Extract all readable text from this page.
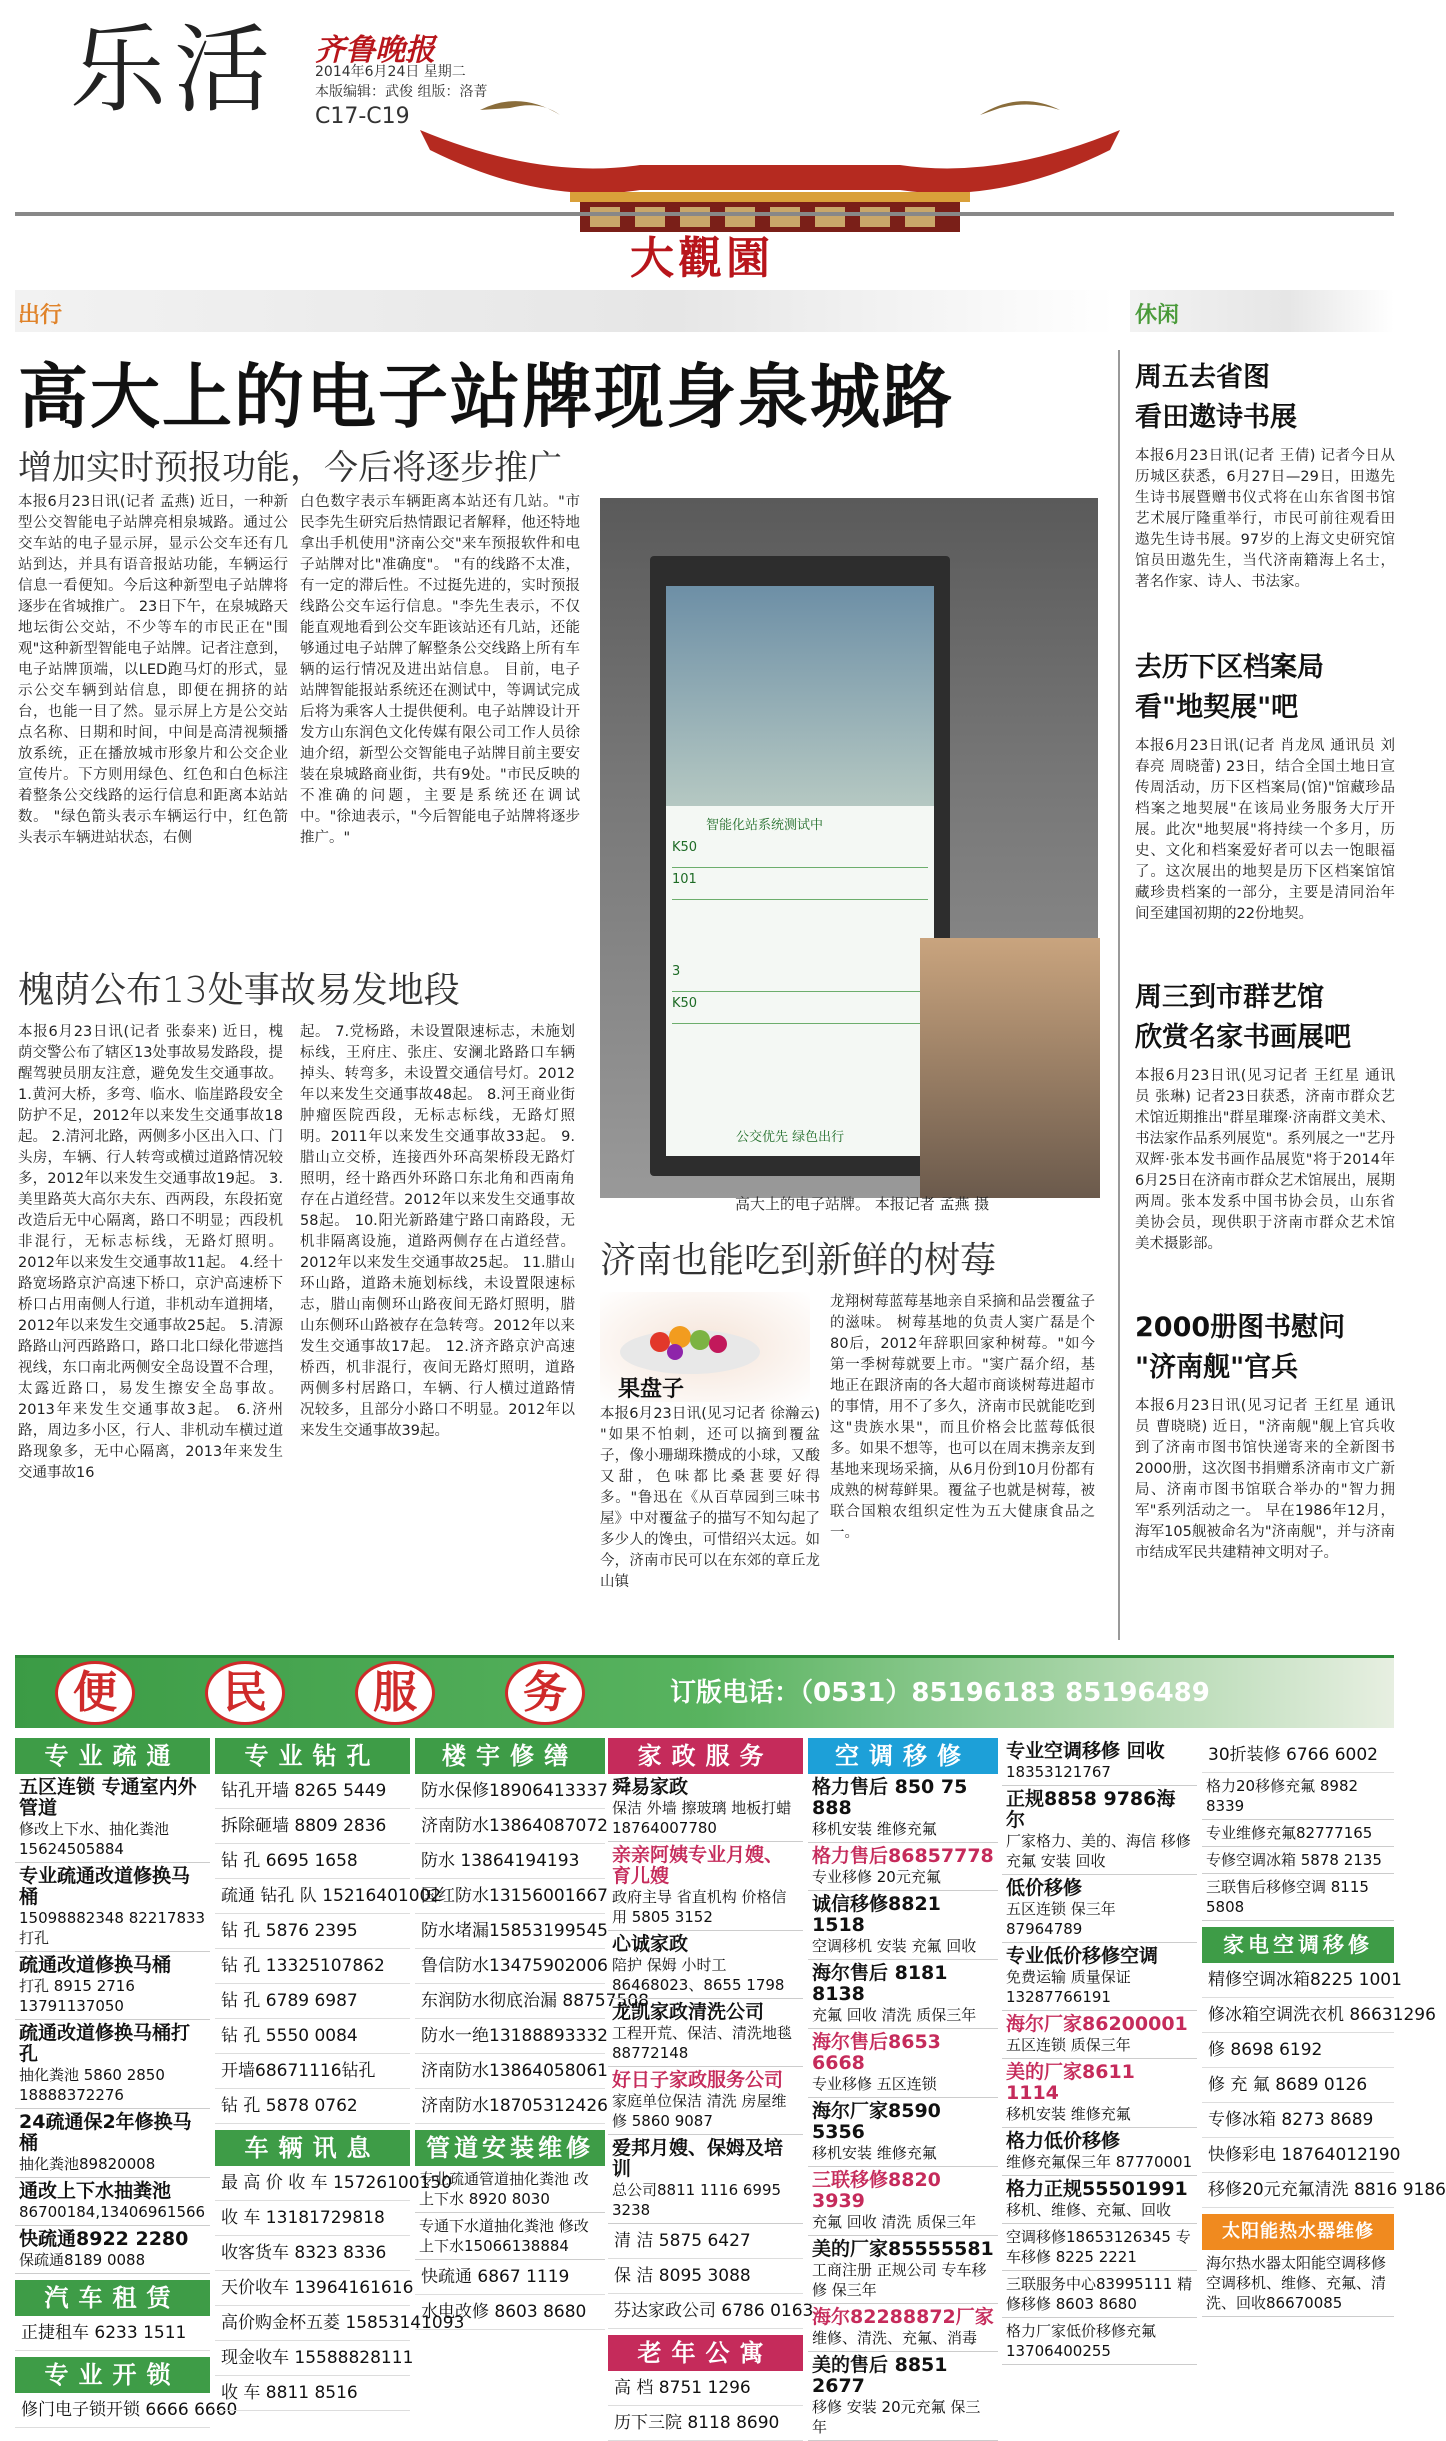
乐活 齐鲁晚报
2014年6月24日 星期二
本版编辑：武俊 组版：洛菁
C17-C19
大觀園
出行	休闲
高大上的电子站牌现身泉城路
增加实时预报功能，今后将逐步推广
本报6月23日讯(记者 孟燕) 近日，一种新型公交智能电子站牌亮相泉城路。通过公交车站的电子显示屏，显示公交车还有几站到达，并具有语音报站功能，车辆运行信息一看便知。今后这种新型电子站牌将逐步在省城推广。 23日下午，在泉城路天地坛街公交站，不少等车的市民正在"围观"这种新型智能电子站牌。记者注意到，电子站牌顶端，以LED跑马灯的形式，显示公交车辆到站信息，即便在拥挤的站台，也能一目了然。显示屏上方是公交站点名称、日期和时间，中间是高清视频播放系统，正在播放城市形象片和公交企业宣传片。下方则用绿色、红色和白色标注着整条公交线路的运行信息和距离本站站数。 "绿色箭头表示车辆运行中，红色箭头表示车辆进站状态，右侧
白色数字表示车辆距离本站还有几站。"市民李先生研究后热情跟记者解释，他还特地拿出手机使用"济南公交"来车预报软件和电子站牌对比"准确度"。 "有的线路不太准，有一定的滞后性。不过挺先进的，实时预报线路公交车运行信息。"李先生表示，不仅能直观地看到公交车距该站还有几站，还能够通过电子站牌了解整条公交线路上所有车辆的运行情况及进出站信息。 目前，电子站牌智能报站系统还在测试中，等调试完成后将为乘客人士提供便利。电子站牌设计开发方山东润色文化传媒有限公司工作人员徐迪介绍，新型公交智能电子站牌目前主要安装在泉城路商业街，共有9处。"市民反映的不准确的问题，主要是系统还在调试中。"徐迪表示，"今后智能电子站牌将逐步推广。"
智能化站系统测试中
K50
101
3
K50
公交优先 绿色出行
高大上的电子站牌。 本报记者 孟燕 摄
槐荫公布13处事故易发地段
本报6月23日讯(记者 张泰来) 近日，槐荫交警公布了辖区13处事故易发路段，提醒驾驶员朋友注意，避免发生交通事故。 1.黄河大桥，多弯、临水、临崖路段安全防护不足，2012年以来发生交通事故18起。 2.清河北路，两侧多小区出入口、门头房，车辆、行人转弯或横过道路情况较多，2012年以来发生交通事故19起。 3.美里路英大高尔夫东、西两段，东段拓宽改造后无中心隔离，路口不明显；西段机非混行，无标志标线，无路灯照明。2012年以来发生交通事故11起。 4.经十路宽场路京沪高速下桥口，京沪高速桥下桥口占用南侧人行道，非机动车道拥堵，2012年以来发生交通事故25起。 5.清源路路山河西路路口，路口北口绿化带遮挡视线，东口南北两侧安全岛设置不合理，太露近路口，易发生擦安全岛事故。2013年来发生交通事故3起。 6.济州路，周边多小区，行人、非机动车横过道路现象多，无中心隔离，2013年来发生交通事故16
起。 7.党杨路，未设置限速标志，未施划标线，王府庄、张庄、安澜北路路口车辆掉头、转弯多，未设置交通信号灯。2012年以来发生交通事故48起。 8.河王商业街肿瘤医院西段，无标志标线，无路灯照明。2011年以来发生交通事故33起。 9.腊山立交桥，连接西外环高架桥段无路灯照明，经十路西外环路口东北角和西南角存在占道经营。2012年以来发生交通事故58起。 10.阳光新路建宁路口南路段，无机非隔离设施，道路两侧存在占道经营。2012年以来发生交通事故25起。 11.腊山环山路，道路未施划标线，未设置限速标志，腊山南侧环山路夜间无路灯照明，腊山东侧环山路被存在急转弯。2012年以来发生交通事故17起。 12.济齐路京沪高速桥西，机非混行，夜间无路灯照明，道路两侧多村居路口，车辆、行人横过道路情况较多，且部分小路口不明显。2012年以来发生交通事故39起。
济南也能吃到新鲜的树莓
果盘子
本报6月23日讯(见习记者 徐瀚云) "如果不怕刺，还可以摘到覆盆子，像小珊瑚珠攒成的小球，又酸又甜，色味都比桑葚要好得多。"鲁迅在《从百草园到三味书屋》中对覆盆子的描写不知勾起了多少人的馋虫，可惜绍兴太远。如今，济南市民可以在东郊的章丘龙山镇
龙翔树莓蓝莓基地亲自采摘和品尝覆盆子的滋味。 树莓基地的负责人窦广磊是个80后，2012年辞职回家种树莓。"如今第一季树莓就要上市。"窦广磊介绍，基地正在跟济南的各大超市商谈树莓进超市的事情，用不了多久，济南市民就能吃到这"贵族水果"，而且价格会比蓝莓低很多。如果不想等，也可以在周末携亲友到基地来现场采摘，从6月份到10月份都有成熟的树莓鲜果。覆盆子也就是树莓，被联合国粮农组织定性为五大健康食品之一。
周五去省图
看田遨诗书展
本报6月23日讯(记者 王倩) 记者今日从历城区获悉，6月27日—29日，田遨先生诗书展暨赠书仪式将在山东省图书馆艺术展厅隆重举行，市民可前往观看田遨先生诗书展。97岁的上海文史研究馆馆员田遨先生，当代济南籍海上名士，著名作家、诗人、书法家。
去历下区档案局
看"地契展"吧
本报6月23日讯(记者 肖龙凤 通讯员 刘春亮 周晓蕾) 23日，结合全国土地日宣传周活动，历下区档案局(馆)"馆藏珍品档案之地契展"在该局业务服务大厅开展。此次"地契展"将持续一个多月，历史、文化和档案爱好者可以去一饱眼福了。这次展出的地契是历下区档案馆馆藏珍贵档案的一部分，主要是清同治年间至建国初期的22份地契。
周三到市群艺馆
欣赏名家书画展吧
本报6月23日讯(见习记者 王红星 通讯员 张琳) 记者23日获悉，济南市群众艺术馆近期推出"群星璀璨·济南群文美术、书法家作品系列展览"。系列展之一"艺丹双辉·张本发书画作品展览"将于2014年6月25日在济南市群众艺术馆展出，展期两周。张本发系中国书协会员，山东省美协会员，现供职于济南市群众艺术馆美术摄影部。
2000册图书慰问
"济南舰"官兵
本报6月23日讯(见习记者 王红星 通讯员 曹晓晓) 近日，"济南舰"舰上官兵收到了济南市图书馆快递寄来的全新图书2000册，这次图书捐赠系济南市文广新局、济南市图书馆联合举办的"智力拥军"系列活动之一。 早在1986年12月，海军105舰被命名为"济南舰"，并与济南市结成军民共建精神文明对子。
便	民	服	务	订版电话：（0531）85196183 85196489
专业疏通
五区连锁 专通室内外管道
修改上下水、抽化粪池 15624505884
专业疏通改道修换马桶
15098882348 82217833 打孔
疏通改道修换马桶
打孔 8915 2716 13791137050
疏通改道修换马桶打孔
抽化粪池 5860 2850 18888372276
24疏通保2年修换马桶
抽化粪池89820008
通改上下水抽粪池
86700184,13406961566
快疏通8922 2280
保疏通8189 0088
汽车租赁
正捷租车 6233 1511
专业开锁
修门电子锁开锁 6666 6660
专业钻孔
钻孔开墙 8265 5449
拆除砸墙 8809 2836
钻 孔 6695 1658
疏通 钻孔 队 15216401002
钻 孔 5876 2395
钻 孔 13325107862
钻 孔 6789 6987
钻 孔 5550 0084
开墙68671116钻孔
钻 孔 5878 0762
车辆讯息
最 高 价 收 车 15726100150
收 车 13181729818
收客货车 8323 8336
天价收车 13964161616
高价购金杯五菱 15853141093
现金收车 15588828111
收 车 8811 8516
楼宇修缮
防水保修18906413337
济南防水13864087072
防水 13864194193
国红防水13156001667
防水堵漏15853199545
鲁信防水13475902006
东润防水彻底治漏 88757508
防水一绝13188893332
济南防水13864058061
济南防水18705312426
管道安装维修
专业疏通管道抽化粪池 改上下水 8920 8030
专通下水道抽化粪池 修改上下水15066138884
快疏通 6867 1119
水电改修 8603 8680
家政服务
舜易家政
保洁 外墙 擦玻璃 地板打蜡 18764007780
亲亲阿姨专业月嫂、育儿嫂
政府主导 省直机构 价格信用 5805 3152
心诚家政
陪护 保姆 小时工 86468023、8655 1798
龙凯家政清洗公司
工程开荒、保洁、清洗地毯 88772148
好日子家政服务公司
家庭单位保洁 清洗 房屋维修 5860 9087
爱邦月嫂、保姆及培训
总公司8811 1116 6995 3238
清 洁 5875 6427
保 洁 8095 3088
芬达家政公司 6786 0163
老年公寓
高 档 8751 1296
历下三院 8118 8690
空调移修
格力售后 850 75 888
移机安装 维修充氟
格力售后86857778
专业移修 20元充氟
诚信移修8821 1518
空调移机 安装 充氟 回收
海尔售后 8181 8138
充氟 回收 清洗 质保三年
海尔售后8653 6668
专业移修 五区连锁
海尔厂家8590 5356
移机安装 维修充氟
三联移修8820 3939
充氟 回收 清洗 质保三年
美的厂家85555581
工商注册 正规公司 专车移修 保三年
海尔82288872厂家
维修、清洗、充氟、消毒
美的售后 8851 2677
移修 安装 20元充氟 保三年
专业空调移修 回收
18353121767
正规8858 9786海尔
厂家格力、美的、海信 移修充氟 安装 回收
低价移修
五区连锁 保三年 87964789
专业低价移修空调
免费运输 质量保证 13287766191
海尔厂家86200001
五区连锁 质保三年
美的厂家8611 1114
移机安装 维修充氟
格力低价移修
维修充氟保三年 87770001
格力正规55501991
移机、维修、充氟、回收
空调移修18653126345 专车移修 8225 2221
三联服务中心83995111 精修移修 8603 8680
格力厂家低价移修充氟 13706400255
30折装修 6766 6002
格力20移修充氟 8982 8339
专业维修充氟82777165
专修空调冰箱 5878 2135
三联售后移修空调 8115 5808
家电空调移修
精修空调冰箱8225 1001
修冰箱空调洗衣机 86631296
修 8698 6192
修 充 氟 8689 0126
专修冰箱 8273 8689
快修彩电 18764012190
移修20元充氟清洗 8816 9186
太阳能热水器维修
海尔热水器太阳能空调移修 空调移机、维修、充氟、清洗、回收86670085
